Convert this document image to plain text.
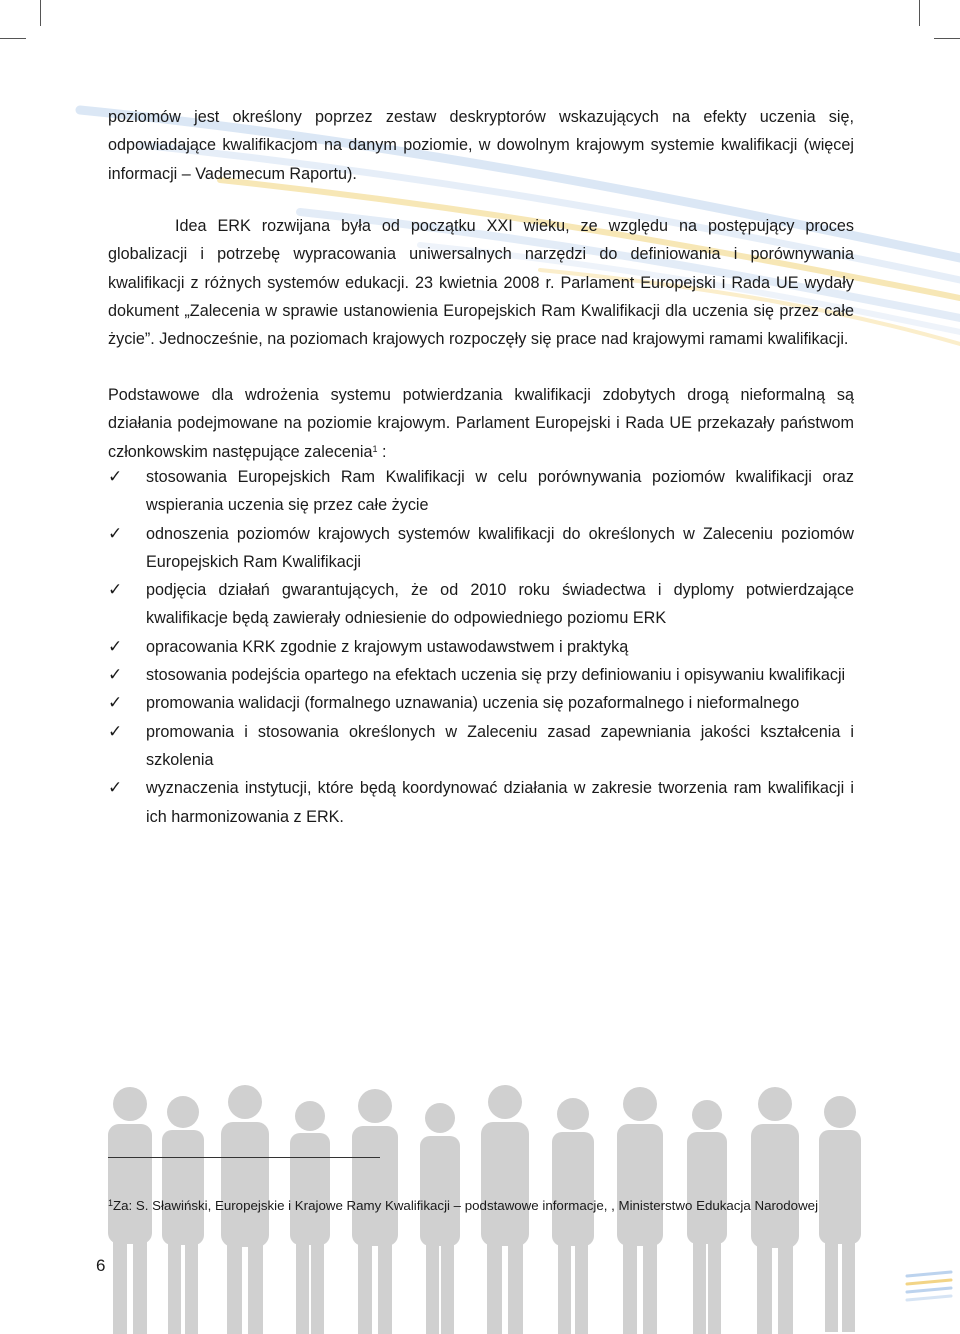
poziomów jest określony poprzez zestaw deskryptorów wskazujących na efekty uczenia się, odpowiadające kwalifikacjom na danym poziomie, w dowolnym krajowym systemie kwalifikacji (więcej informacji – Vademecum Raportu).

Idea ERK rozwijana była od początku XXI wieku, ze względu na postępujący proces globalizacji i potrzebę wypracowania uniwersalnych narzędzi do definiowania i porównywania kwalifikacji z różnych systemów edukacji. 23 kwietnia 2008 r. Parlament Europejski i Rada UE wydały dokument „Zalecenia w sprawie ustanowienia Europejskich Ram Kwalifikacji dla uczenia się przez całe życie”. Jednocześnie, na poziomach krajowych rozpoczęły się prace nad krajowymi ramami kwalifikacji.

Podstawowe dla wdrożenia systemu potwierdzania kwalifikacji zdobytych drogą nieformalną są działania podejmowane na poziomie krajowym. Parlament Europejski i Rada UE przekazały państwom członkowskim następujące zalecenia$^1$ :

✓ stosowania Europejskich Ram Kwalifikacji w celu porównywania poziomów kwalifikacji oraz wspierania uczenia się przez całe życie
✓ odnoszenia poziomów krajowych systemów kwalifikacji do określonych w Zaleceniu poziomów Europejskich Ram Kwalifikacji
✓ podjęcia działań gwarantujących, że od 2010 roku świadectwa i dyplomy potwierdzające kwalifikacje będą zawierały odniesienie do odpowiedniego poziomu ERK
✓ opracowania KRK zgodnie z krajowym ustawodawstwem i praktyką
✓ stosowania podejścia opartego na efektach uczenia się przy definiowaniu i opisywaniu kwalifikacji
✓ promowania walidacji (formalnego uznawania) uczenia się pozaformalnego i nieformalnego
✓ promowania i stosowania określonych w Zaleceniu zasad zapewniania jakości kształcenia i szkolenia
✓ wyznaczenia instytucji, które będą koordynować działania w zakresie tworzenia ram kwalifikacji i ich harmonizowania z ERK.
$^1$Za: S. Sławiński, Europejskie i Krajowe Ramy Kwalifikacji – podstawowe informacje, , Ministerstwo Edukacja Narodowej
6
